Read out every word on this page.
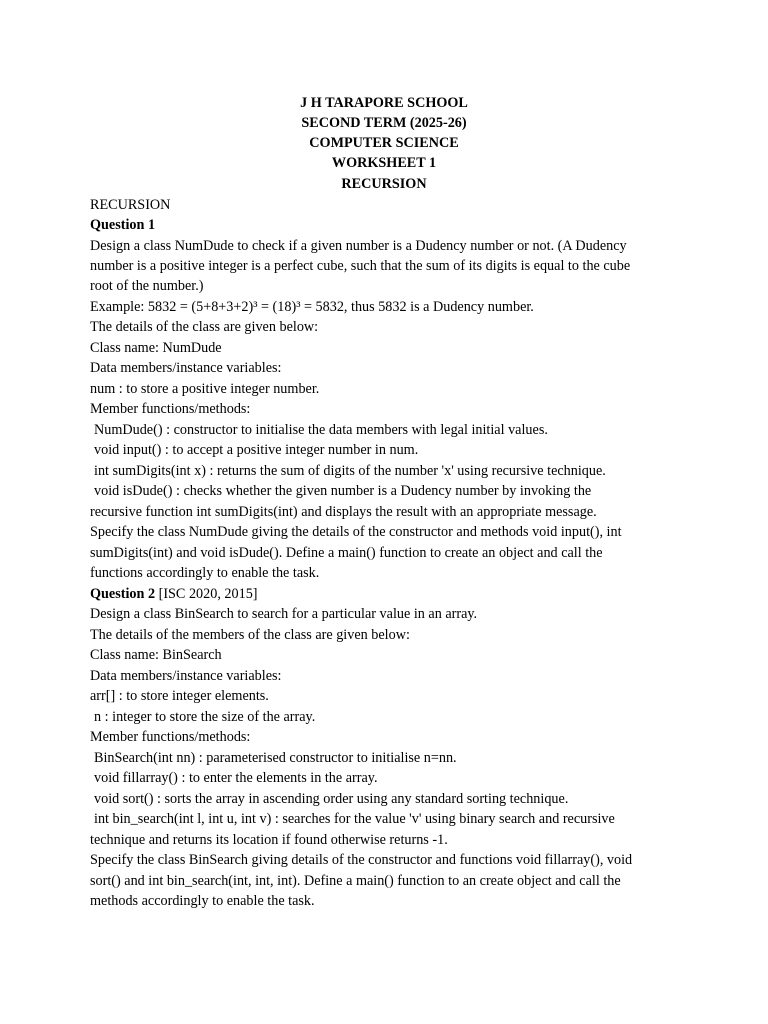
J H TARAPORE SCHOOL
SECOND TERM (2025-26)
COMPUTER SCIENCE
WORKSHEET 1
RECURSION
RECURSION
Question 1
Design a class NumDude to check if a given number is a Dudency number or not. (A Dudency
number is a positive integer is a perfect cube, such that the sum of its digits is equal to the cube
root of the number.)
Example: 5832 = (5+8+3+2)³ = (18)³ = 5832, thus 5832 is a Dudency number.
The details of the class are given below:
Class name: NumDude
Data members/instance variables:
num : to store a positive integer number.
Member functions/methods:
NumDude() : constructor to initialise the data members with legal initial values.
void input() : to accept a positive integer number in num.
int sumDigits(int x) : returns the sum of digits of the number 'x' using recursive technique.
void isDude() : checks whether the given number is a Dudency number by invoking the
recursive function int sumDigits(int) and displays the result with an appropriate message.
Specify the class NumDude giving the details of the constructor and methods void input(), int
sumDigits(int) and void isDude(). Define a main() function to create an object and call the
functions accordingly to enable the task.
Question 2 [ISC 2020, 2015]
Design a class BinSearch to search for a particular value in an array.
The details of the members of the class are given below:
Class name: BinSearch
Data members/instance variables:
arr[] : to store integer elements.
n : integer to store the size of the array.
Member functions/methods:
BinSearch(int nn) : parameterised constructor to initialise n=nn.
void fillarray() : to enter the elements in the array.
void sort() : sorts the array in ascending order using any standard sorting technique.
int bin_search(int l, int u, int v) : searches for the value 'v' using binary search and recursive
technique and returns its location if found otherwise returns -1.
Specify the class BinSearch giving details of the constructor and functions void fillarray(), void
sort() and int bin_search(int, int, int). Define a main() function to an create object and call the
methods accordingly to enable the task.
